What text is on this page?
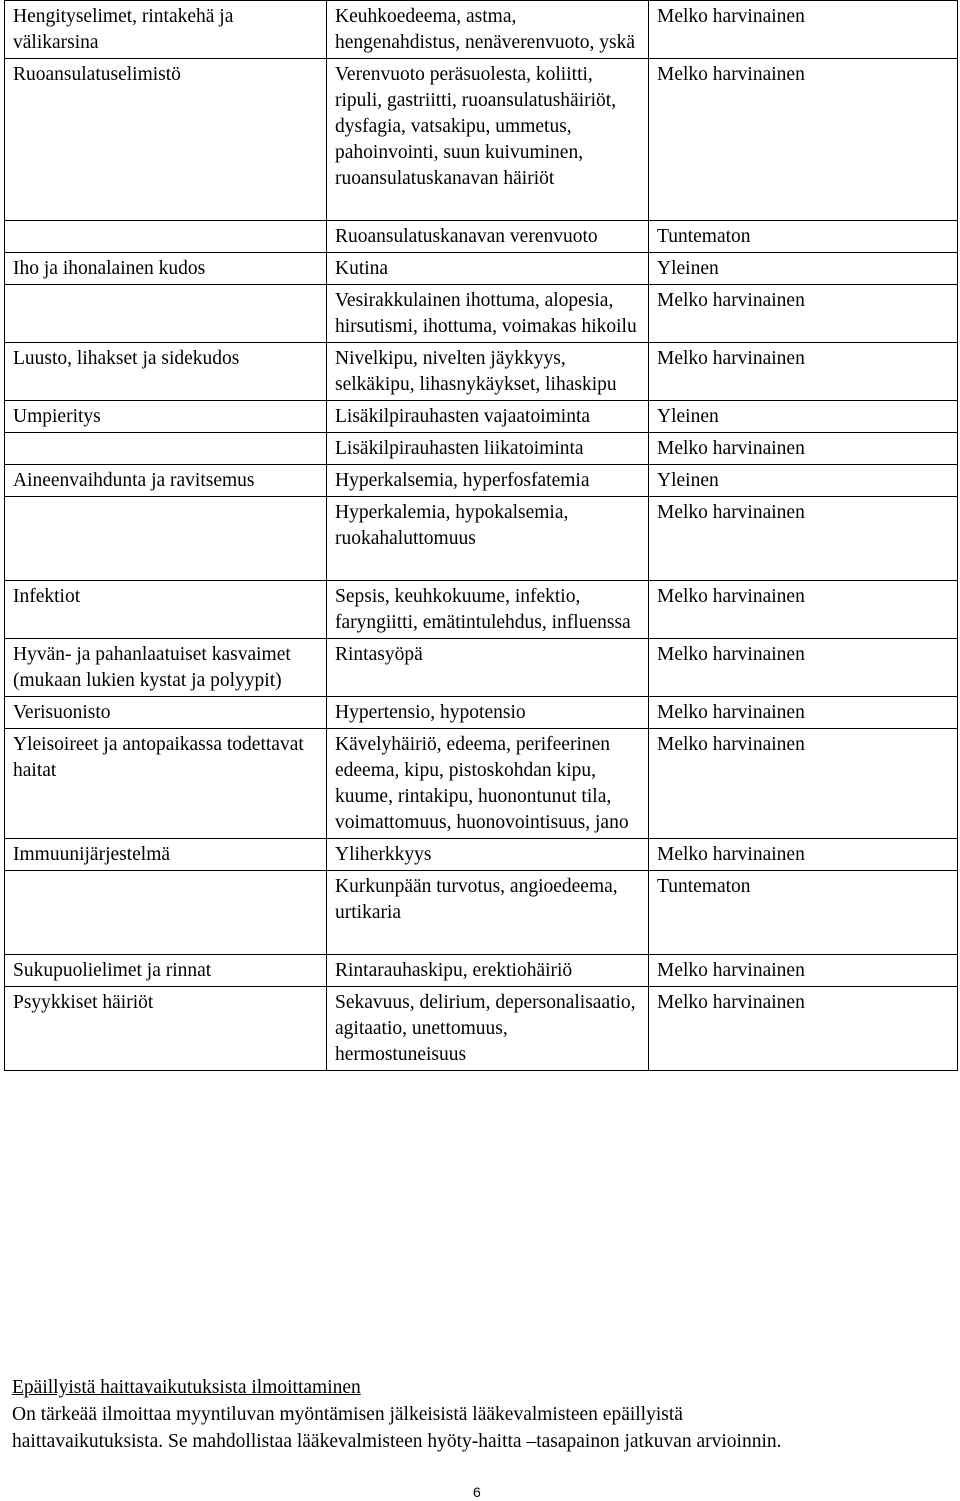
Hengityselimet, rintakehä ja välikarsina	Keuhkoedeema, astma, hengenahdistus, nenäverenvuoto, yskä	Melko harvinainen
Ruoansulatuselimistö	Verenvuoto peräsuolesta, koliitti, ripuli, gastriitti, ruoansulatushäiriöt, dysfagia, vatsakipu, ummetus, pahoinvointi, suun kuivuminen, ruoansulatuskanavan häiriöt	Melko harvinainen
	Ruoansulatuskanavan verenvuoto	Tuntematon
Iho ja ihonalainen kudos	Kutina	Yleinen
	Vesirakkulainen ihottuma, alopesia, hirsutismi, ihottuma, voimakas hikoilu	Melko harvinainen
Luusto, lihakset ja sidekudos	Nivelkipu, nivelten jäykkyys, selkäkipu, lihasnykäykset, lihaskipu	Melko harvinainen
Umpieritys	Lisäkilpirauhasten vajaatoiminta	Yleinen
	Lisäkilpirauhasten liikatoiminta	Melko harvinainen
Aineenvaihdunta ja ravitsemus	Hyperkalsemia, hyperfosfatemia	Yleinen
	Hyperkalemia, hypokalsemia, ruokahaluttomuus	Melko harvinainen
Infektiot	Sepsis, keuhkokuume, infektio, faryngiitti, emätintulehdus, influenssa	Melko harvinainen
Hyvän- ja pahanlaatuiset kasvaimet (mukaan lukien kystat ja polyypit)	Rintasyöpä	Melko harvinainen
Verisuonisto	Hypertensio, hypotensio	Melko harvinainen
Yleisoireet ja antopaikassa todettavat haitat	Kävelyhäiriö, edeema, perifeerinen edeema, kipu, pistoskohdan kipu, kuume, rintakipu, huonontunut tila, voimattomuus, huonovointisuus, jano	Melko harvinainen
Immuunijärjestelmä	Yliherkkyys	Melko harvinainen
	Kurkunpään turvotus, angioedeema, urtikaria	Tuntematon
Sukupuolielimet ja rinnat	Rintarauhaskipu, erektiohäiriö	Melko harvinainen
Psyykkiset häiriöt	Sekavuus, delirium, depersonalisaatio, agitaatio, unettomuus, hermostuneisuus	Melko harvinainen
Epäillyistä haittavaikutuksista ilmoittaminen
On tärkeää ilmoittaa myyntiluvan myöntämisen jälkeisistä lääkevalmisteen epäillyistä
haittavaikutuksista. Se mahdollistaa lääkevalmisteen hyöty-haitta –tasapainon jatkuvan arvioinnin.
6
